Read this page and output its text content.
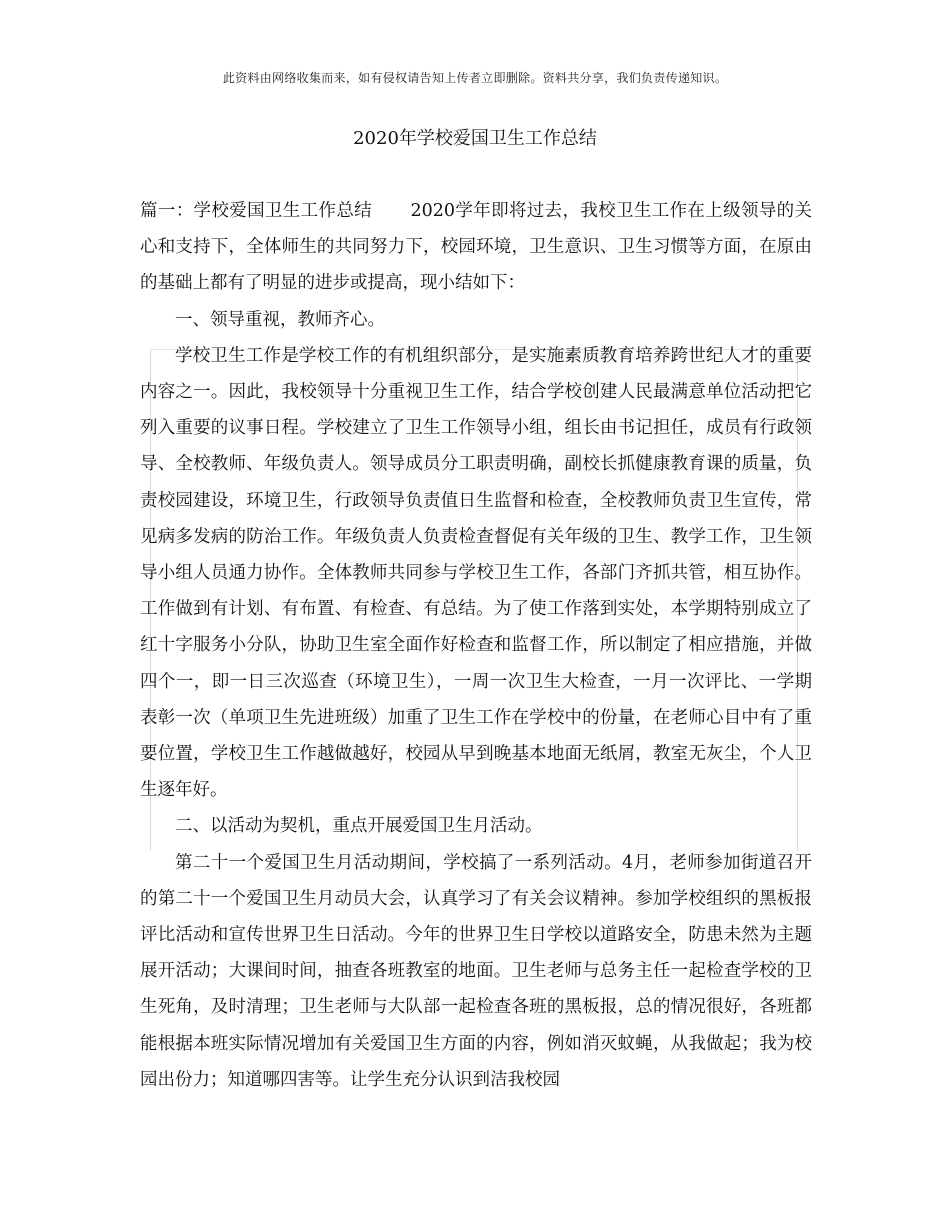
此资料由网络收集而来，如有侵权请告知上传者立即删除。资料共分享，我们负责传递知识。
2020年学校爱国卫生工作总结

篇一：学校爱国卫生工作总结 2020学年即将过去，我校卫生工作在上级领导的关心和支持下，全体师生的共同努力下，校园环境，卫生意识、卫生习惯等方面，在原由的基础上都有了明显的进步或提高，现小结如下：

一、领导重视，教师齐心。

学校卫生工作是学校工作的有机组织部分，是实施素质教育培养跨世纪人才的重要内容之一。因此，我校领导十分重视卫生工作，结合学校创建人民最满意单位活动把它列入重要的议事日程。学校建立了卫生工作领导小组，组长由书记担任，成员有行政领导、全校教师、年级负责人。领导成员分工职责明确，副校长抓健康教育课的质量，负责校园建设，环境卫生，行政领导负责值日生监督和检查，全校教师负责卫生宣传，常见病多发病的防治工作。年级负责人负责检查督促有关年级的卫生、教学工作，卫生领导小组人员通力协作。全体教师共同参与学校卫生工作，各部门齐抓共管，相互协作。工作做到有计划、有布置、有检查、有总结。为了使工作落到实处，本学期特别成立了红十字服务小分队，协助卫生室全面作好检查和监督工作，所以制定了相应措施，并做四个一，即一日三次巡查（环境卫生），一周一次卫生大检查，一月一次评比、一学期表彰一次（单项卫生先进班级）加重了卫生工作在学校中的份量，在老师心目中有了重要位置，学校卫生工作越做越好，校园从早到晚基本地面无纸屑，教室无灰尘，个人卫生逐年好。

二、以活动为契机，重点开展爱国卫生月活动。

第二十一个爱国卫生月活动期间，学校搞了一系列活动。4月，老师参加街道召开的第二十一个爱国卫生月动员大会，认真学习了有关会议精神。参加学校组织的黑板报评比活动和宣传世界卫生日活动。今年的世界卫生日学校以道路安全，防患未然为主题展开活动；大课间时间，抽查各班教室的地面。卫生老师与总务主任一起检查学校的卫生死角，及时清理；卫生老师与大队部一起检查各班的黑板报，总的情况很好，各班都能根据本班实际情况增加有关爱国卫生方面的内容，例如消灭蚊蝇，从我做起；我为校园出份力；知道哪四害等。让学生充分认识到洁我校园
